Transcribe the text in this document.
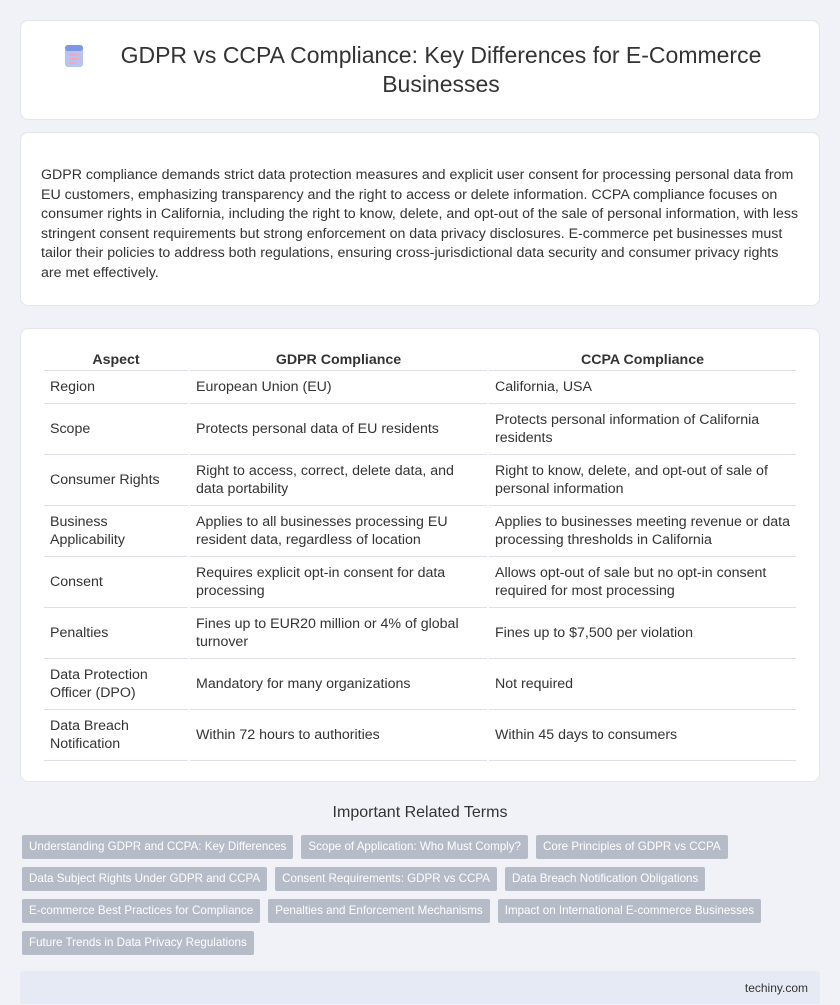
GDPR vs CCPA Compliance: Key Differences for E-Commerce Businesses

GDPR compliance demands strict data protection measures and explicit user consent for processing personal data from EU customers, emphasizing transparency and the right to access or delete information. CCPA compliance focuses on consumer rights in California, including the right to know, delete, and opt-out of the sale of personal information, with less stringent consent requirements but strong enforcement on data privacy disclosures. E-commerce pet businesses must tailor their policies to address both regulations, ensuring cross-jurisdictional data security and consumer privacy rights are met effectively.

Aspect	GDPR Compliance	CCPA Compliance
Region	European Union (EU)	California, USA
Scope	Protects personal data of EU residents	Protects personal information of California residents
Consumer Rights	Right to access, correct, delete data, and data portability	Right to know, delete, and opt-out of sale of personal information
Business Applicability	Applies to all businesses processing EU resident data, regardless of location	Applies to businesses meeting revenue or data processing thresholds in California
Consent	Requires explicit opt-in consent for data processing	Allows opt-out of sale but no opt-in consent required for most processing
Penalties	Fines up to EUR20 million or 4% of global turnover	Fines up to $7,500 per violation
Data Protection Officer (DPO)	Mandatory for many organizations	Not required
Data Breach Notification	Within 72 hours to authorities	Within 45 days to consumers
Important Related Terms
Understanding GDPR and CCPA: Key Differences	Scope of Application: Who Must Comply?	Core Principles of GDPR vs CCPA
Data Subject Rights Under GDPR and CCPA	Consent Requirements: GDPR vs CCPA	Data Breach Notification Obligations
E-commerce Best Practices for Compliance	Penalties and Enforcement Mechanisms	Impact on International E-commerce Businesses
Future Trends in Data Privacy Regulations
techiny.com
